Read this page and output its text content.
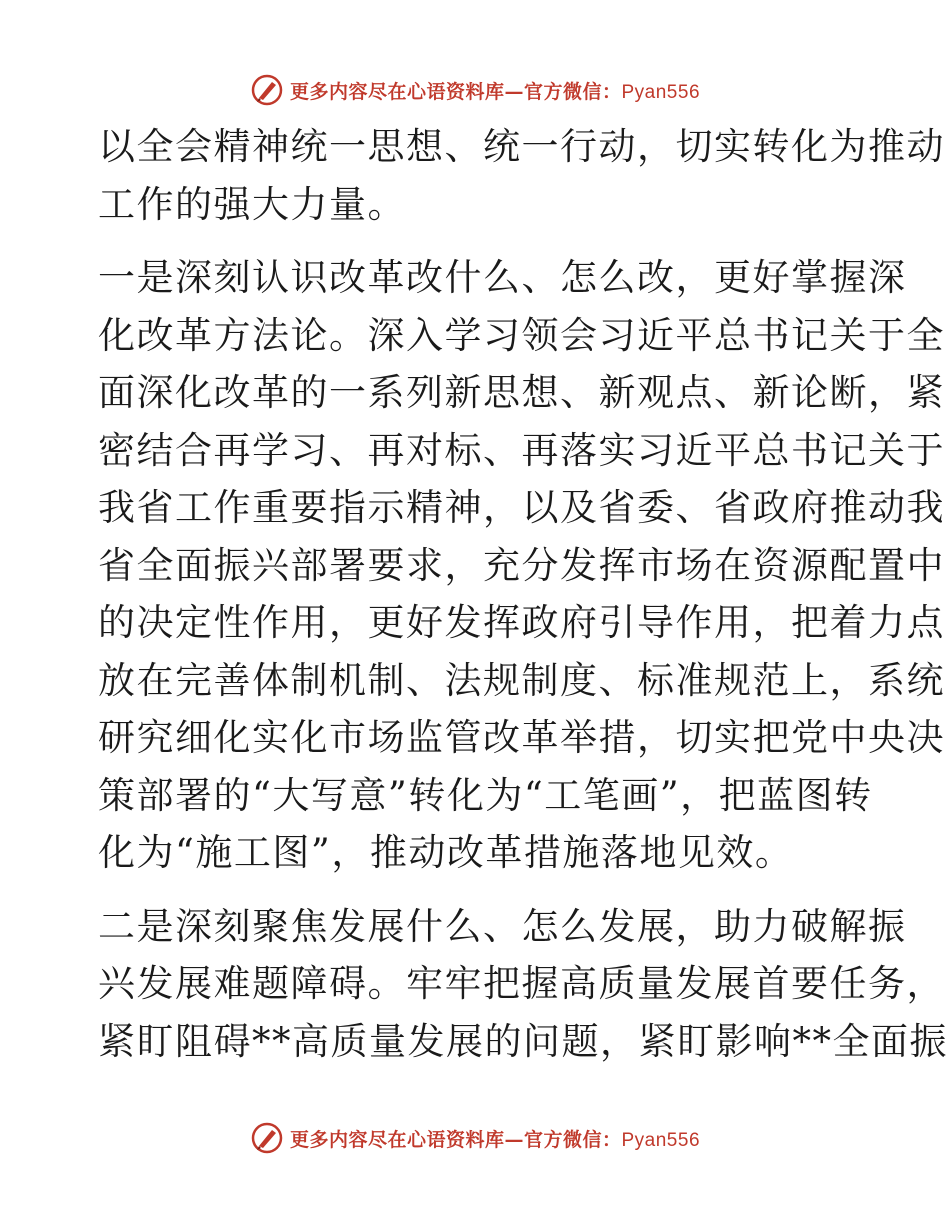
更多内容尽在心语资料库—官方微信：Pyan556

以全会精神统一思想、统一行动，切实转化为推动
工作的强大力量。

一是深刻认识改革改什么、怎么改，更好掌握深
化改革方法论。深入学习领会习近平总书记关于全
面深化改革的一系列新思想、新观点、新论断，紧
密结合再学习、再对标、再落实习近平总书记关于
我省工作重要指示精神，以及省委、省政府推动我
省全面振兴部署要求，充分发挥市场在资源配置中
的决定性作用，更好发挥政府引导作用，把着力点
放在完善体制机制、法规制度、标准规范上，系统
研究细化实化市场监管改革举措，切实把党中央决
策部署的“大写意”转化为“工笔画”，把蓝图转
化为“施工图”，推动改革措施落地见效。

二是深刻聚焦发展什么、怎么发展，助力破解振
兴发展难题障碍。牢牢把握高质量发展首要任务，
紧盯阻碍**高质量发展的问题，紧盯影响**全面振

更多内容尽在心语资料库—官方微信：Pyan556
